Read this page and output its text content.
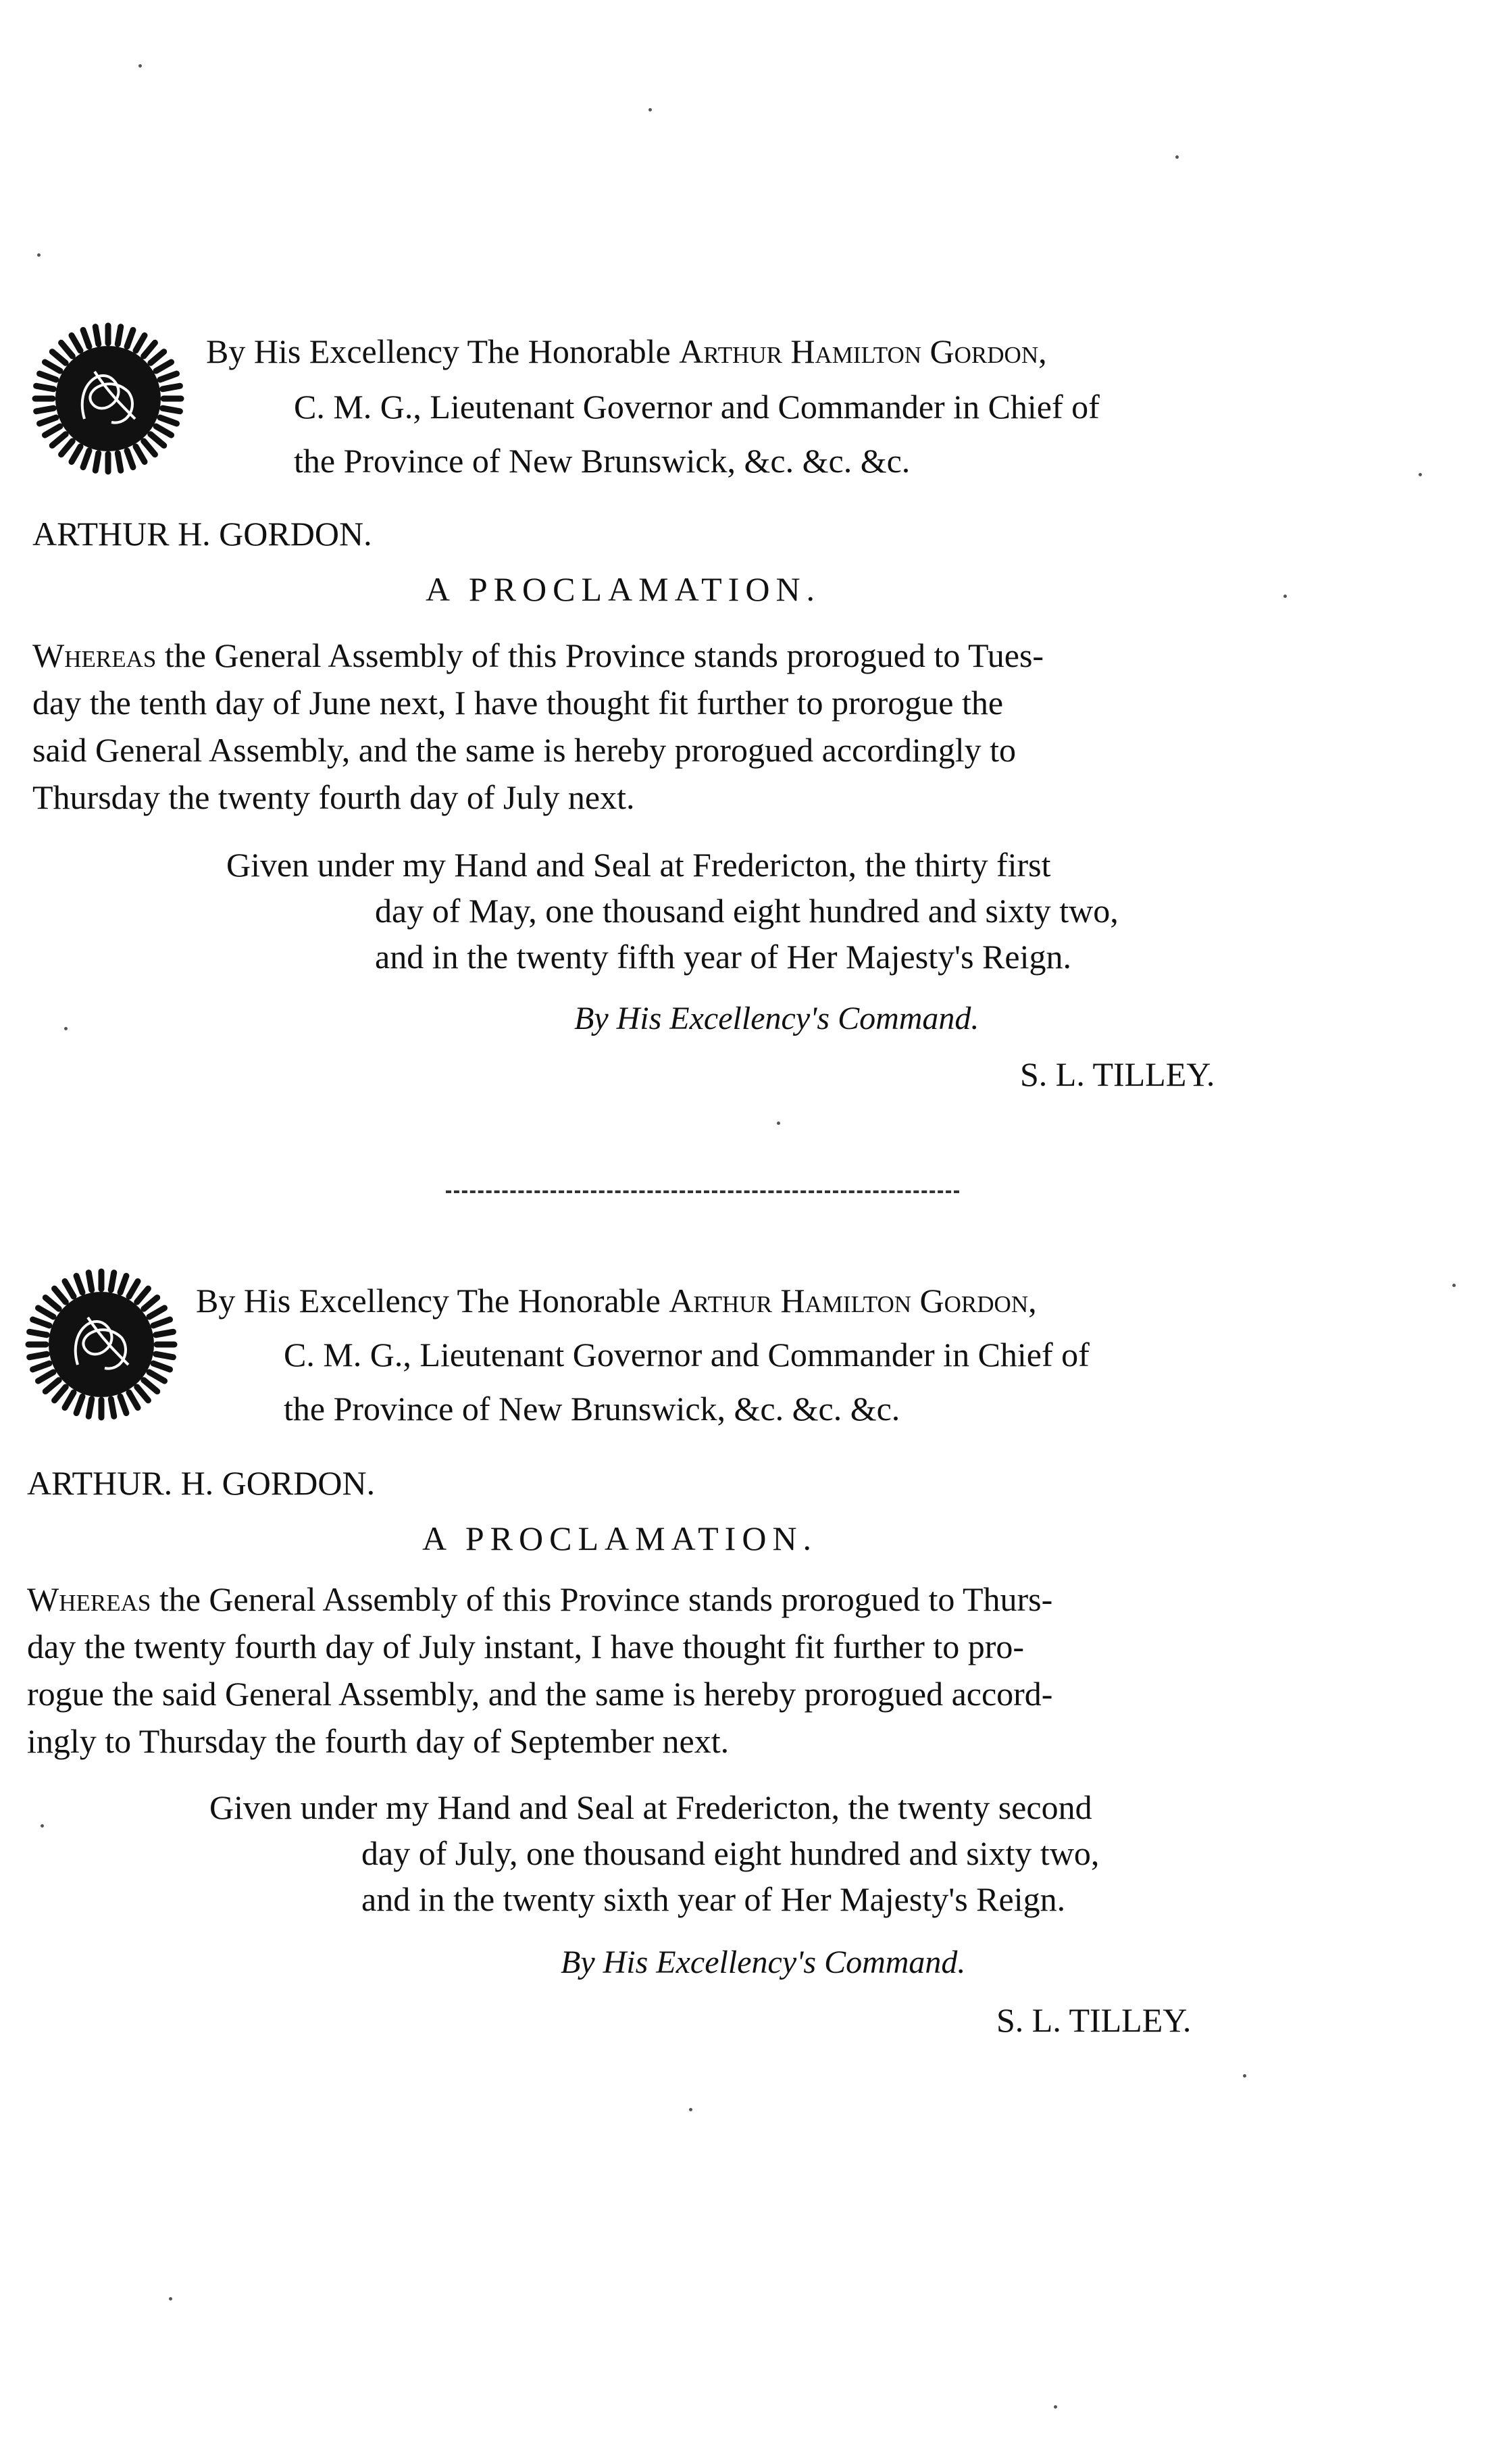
By His Excellency The Honorable Arthur Hamilton Gordon,
C. M. G., Lieutenant Governor and Commander in Chief of
the Province of New Brunswick, &c. &c. &c.
ARTHUR H. GORDON.
A PROCLAMATION.
Whereas the General Assembly of this Province stands prorogued to Tues-
day the tenth day of June next, I have thought fit further to prorogue the
said General Assembly, and the same is hereby prorogued accordingly to
Thursday the twenty fourth day of July next.
Given under my Hand and Seal at Fredericton, the thirty first
day of May, one thousand eight hundred and sixty two,
and in the twenty fifth year of Her Majesty's Reign.
By His Excellency's Command.
S. L. TILLEY.
By His Excellency The Honorable Arthur Hamilton Gordon,
C. M. G., Lieutenant Governor and Commander in Chief of
the Province of New Brunswick, &c. &c. &c.
ARTHUR. H. GORDON.
A PROCLAMATION.
Whereas the General Assembly of this Province stands prorogued to Thurs-
day the twenty fourth day of July instant, I have thought fit further to pro-
rogue the said General Assembly, and the same is hereby prorogued accord-
ingly to Thursday the fourth day of September next.
Given under my Hand and Seal at Fredericton, the twenty second
day of July, one thousand eight hundred and sixty two,
and in the twenty sixth year of Her Majesty's Reign.
By His Excellency's Command.
S. L. TILLEY.
